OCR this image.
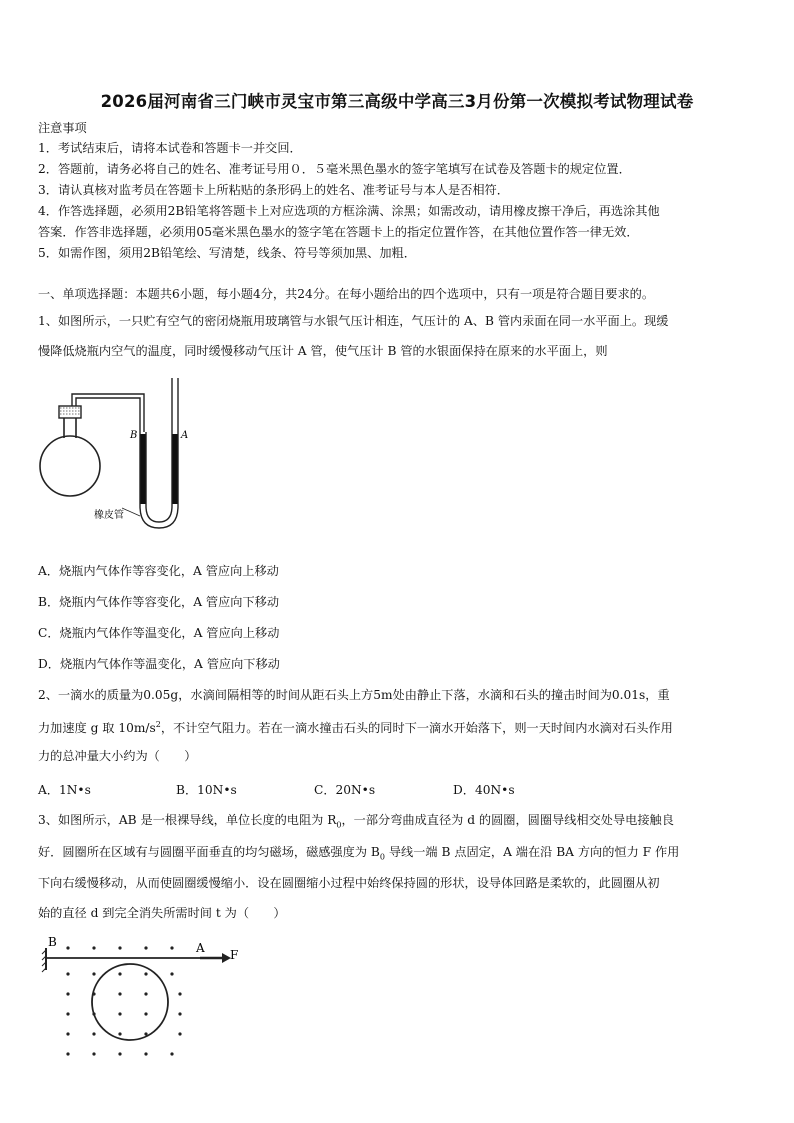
2026届河南省三门峡市灵宝市第三高级中学高三3月份第一次模拟考试物理试卷
注意事项
1．考试结束后，请将本试卷和答题卡一并交回．
2．答题前，请务必将自己的姓名、准考证号用０．５毫米黑色墨水的签字笔填写在试卷及答题卡的规定位置．
3．请认真核对监考员在答题卡上所粘贴的条形码上的姓名、准考证号与本人是否相符．
4．作答选择题，必须用2B铅笔将答题卡上对应选项的方框涂满、涂黑；如需改动，请用橡皮擦干净后，再选涂其他
答案．作答非选择题，必须用05毫米黑色墨水的签字笔在答题卡上的指定位置作答，在其他位置作答一律无效．
5．如需作图，须用2B铅笔绘、写清楚，线条、符号等须加黑、加粗．
一、单项选择题：本题共6小题，每小题4分，共24分。在每小题给出的四个选项中，只有一项是符合题目要求的。
1、如图所示，一只贮有空气的密闭烧瓶用玻璃管与水银气压计相连，气压计的 A、B 管内汞面在同一水平面上。现缓
慢降低烧瓶内空气的温度，同时缓慢移动气压计 A 管，使气压计 B 管的水银面保持在原来的水平面上，则
B	A
橡皮管
A．烧瓶内气体作等容变化，A 管应向上移动
B．烧瓶内气体作等容变化，A 管应向下移动
C．烧瓶内气体作等温变化，A 管应向上移动
D．烧瓶内气体作等温变化，A 管应向下移动
2、一滴水的质量为0.05g，水滴间隔相等的时间从距石头上方5m处由静止下落，水滴和石头的撞击时间为0.01s，重
力加速度 g 取 $10m/s^2$，不计空气阻力。若在一滴水撞击石头的同时下一滴水开始落下，则一天时间内水滴对石头作用
力的总冲量大小约为（　　）
A．1N•s	B．10N•s	C．20N•s	D．40N•s
3、如图所示，AB 是一根裸导线，单位长度的电阻为 $R_0$，一部分弯曲成直径为 d 的圆圈，圆圈导线相交处导电接触良
好．圆圈所在区域有与圆圈平面垂直的均匀磁场，磁感强度为 $B_0$ 导线一端 B 点固定，A 端在沿 BA 方向的恒力 F 作用
下向右缓慢移动，从而使圆圈缓慢缩小．设在圆圈缩小过程中始终保持圆的形状，设导体回路是柔软的，此圆圈从初
始的直径 d 到完全消失所需时间 t 为（　　）
B	A F
